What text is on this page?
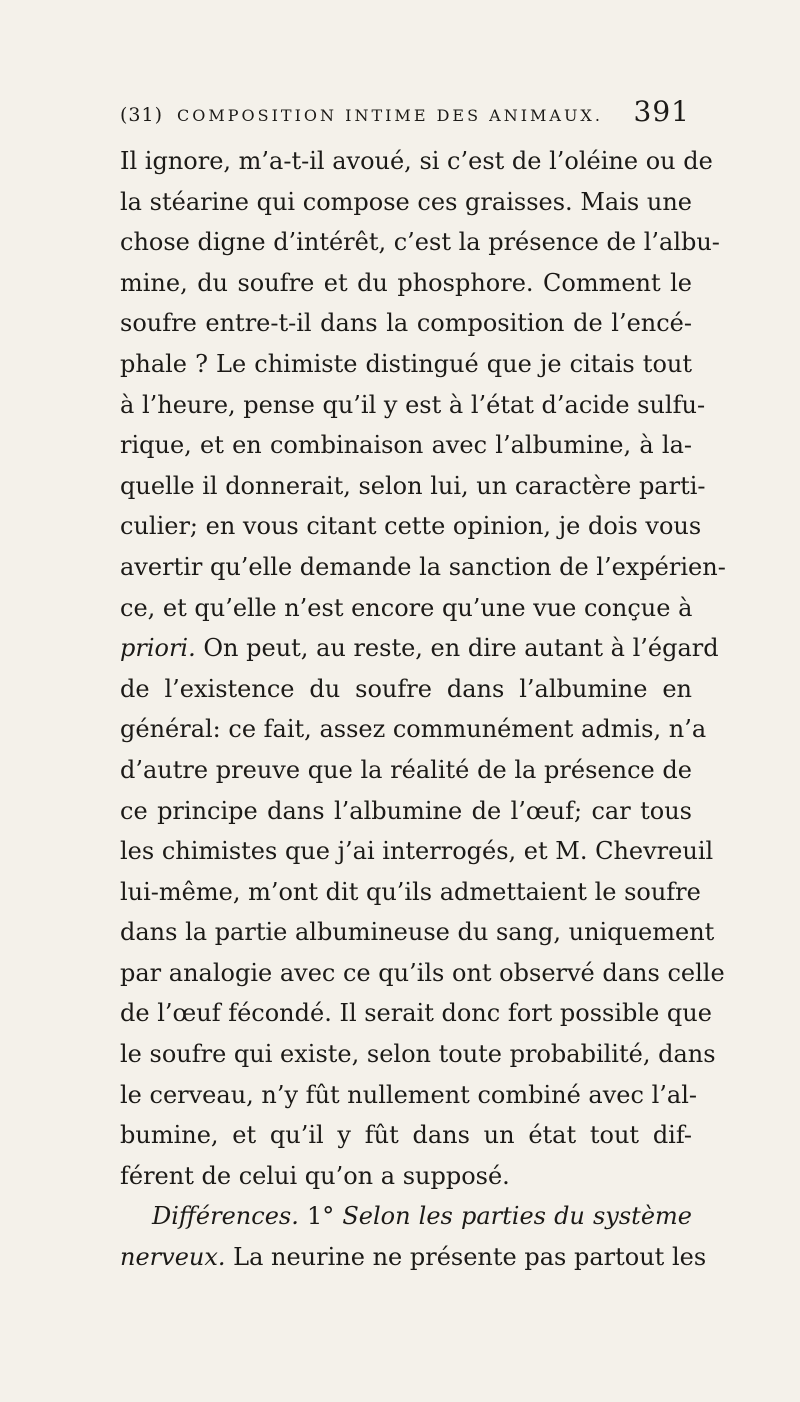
(31) COMPOSITION INTIME DES ANIMAUX.	391
Il ignore, m’a-t-il avoué, si c’est de l’oléine ou de
la stéarine qui compose ces graisses. Mais une
chose digne d’intérêt, c’est la présence de l’albu-
mine, du soufre et du phosphore. Comment le
soufre entre-t-il dans la composition de l’encé-
phale ? Le chimiste distingué que je citais tout
à l’heure, pense qu’il y est à l’état d’acide sulfu-
rique, et en combinaison avec l’albumine, à la-
quelle il donnerait, selon lui, un caractère parti-
culier; en vous citant cette opinion, je dois vous
avertir qu’elle demande la sanction de l’expérien-
ce, et qu’elle n’est encore qu’une vue conçue à
priori. On peut, au reste, en dire autant à l’égard
de l’existence du soufre dans l’albumine en
général: ce fait, assez communément admis, n’a
d’autre preuve que la réalité de la présence de
ce principe dans l’albumine de l’œuf; car tous
les chimistes que j’ai interrogés, et M. Chevreuil
lui-même, m’ont dit qu’ils admettaient le soufre
dans la partie albumineuse du sang, uniquement
par analogie avec ce qu’ils ont observé dans celle
de l’œuf fécondé. Il serait donc fort possible que
le soufre qui existe, selon toute probabilité, dans
le cerveau, n’y fût nullement combiné avec l’al-
bumine, et qu’il y fût dans un état tout dif-
férent de celui qu’on a supposé.
Différences. 1° Selon les parties du système
nerveux. La neurine ne présente pas partout les
